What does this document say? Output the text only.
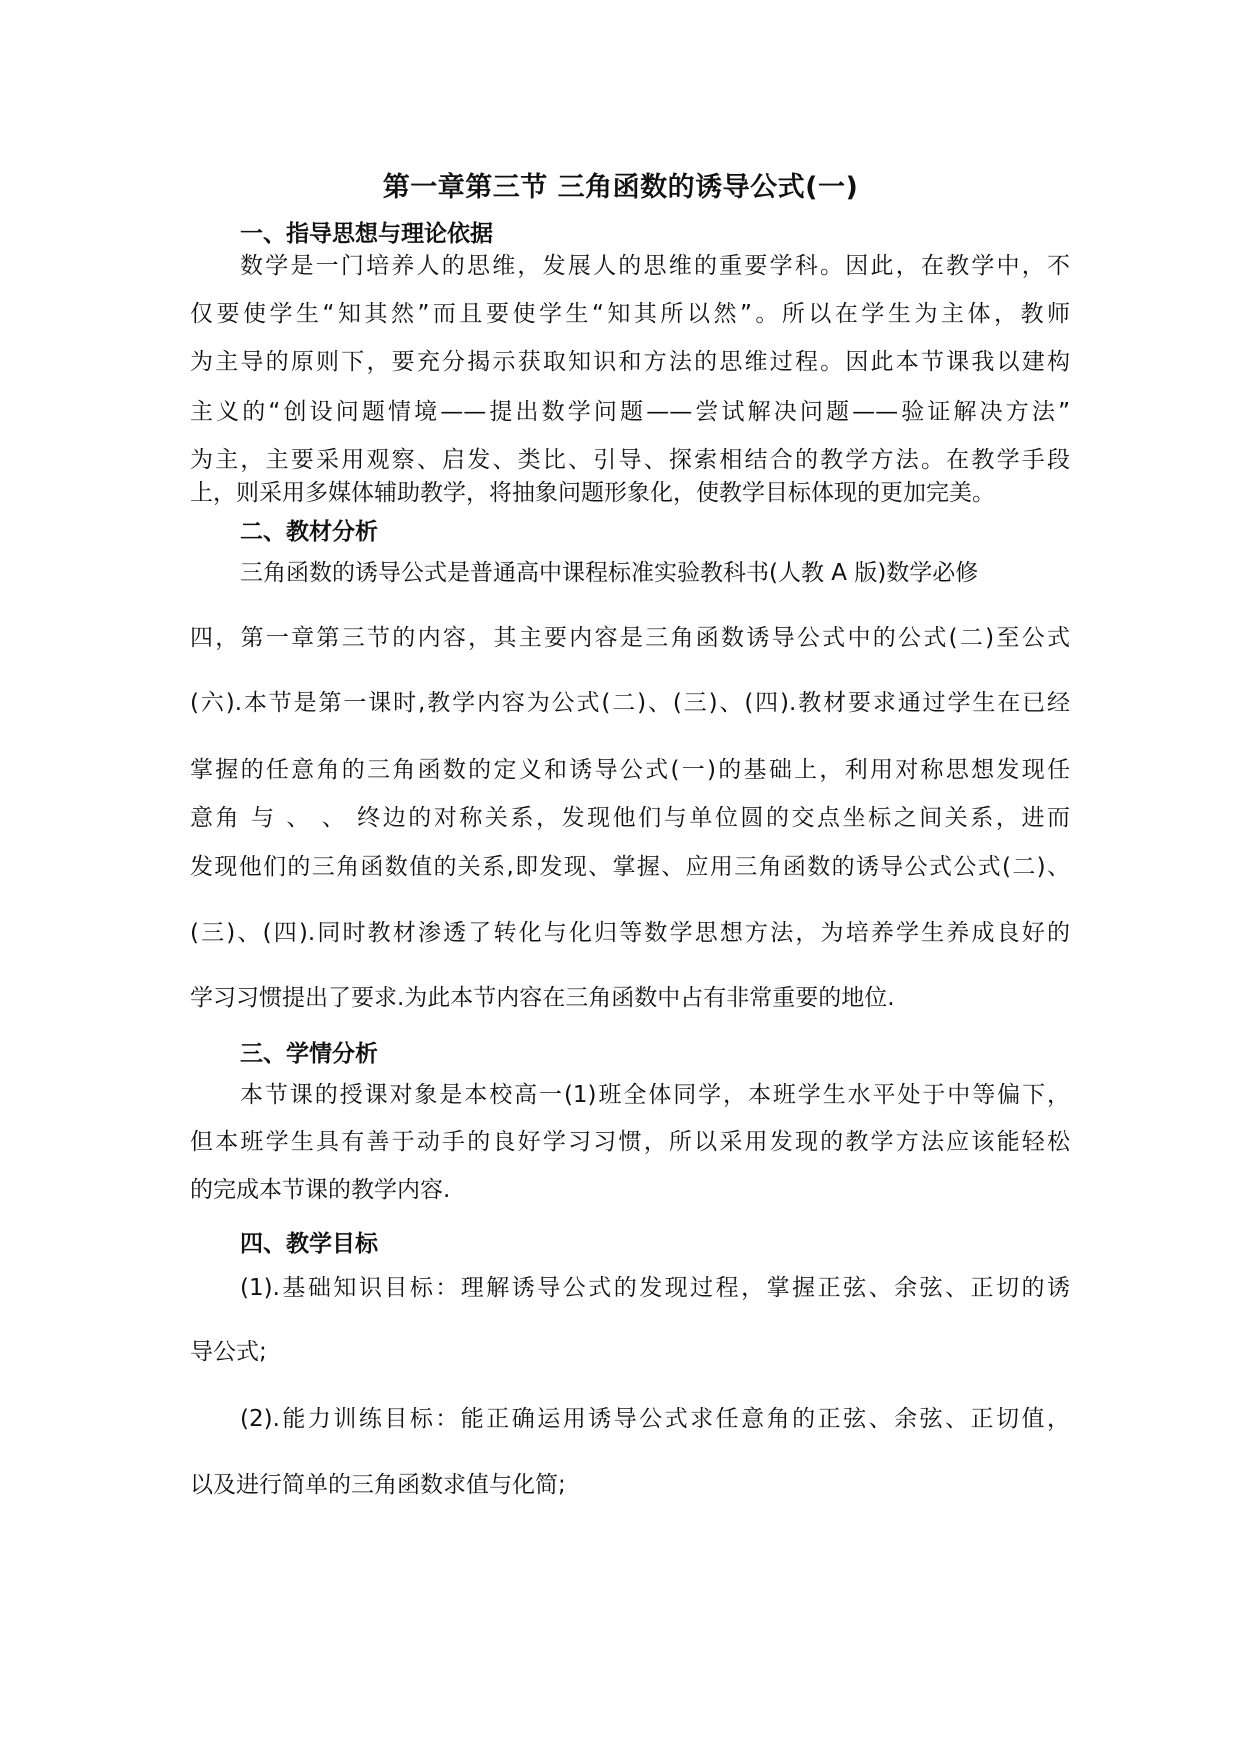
第一章第三节 三角函数的诱导公式(一)
一、指导思想与理论依据
数学是一门培养人的思维，发展人的思维的重要学科。因此，在教学中，不
仅要使学生“知其然”而且要使学生“知其所以然”。所以在学生为主体，教师
为主导的原则下，要充分揭示获取知识和方法的思维过程。因此本节课我以建构
主义的“创设问题情境——提出数学问题——尝试解决问题——验证解决方法”
为主，主要采用观察、启发、类比、引导、探索相结合的教学方法。在教学手段
上，则采用多媒体辅助教学，将抽象问题形象化，使教学目标体现的更加完美。
二、教材分析
三角函数的诱导公式是普通高中课程标准实验教科书(人教 A 版)数学必修
四，第一章第三节的内容，其主要内容是三角函数诱导公式中的公式(二)至公式
(六).本节是第一课时,教学内容为公式(二)、(三)、(四).教材要求通过学生在已经
掌握的任意角的三角函数的定义和诱导公式(一)的基础上，利用对称思想发现任
意角 与 、 、 终边的对称关系，发现他们与单位圆的交点坐标之间关系，进而
发现他们的三角函数值的关系,即发现、掌握、应用三角函数的诱导公式公式(二)、
(三)、(四).同时教材渗透了转化与化归等数学思想方法，为培养学生养成良好的
学习习惯提出了要求.为此本节内容在三角函数中占有非常重要的地位.
三、学情分析
本节课的授课对象是本校高一(1)班全体同学，本班学生水平处于中等偏下，
但本班学生具有善于动手的良好学习习惯，所以采用发现的教学方法应该能轻松
的完成本节课的教学内容.
四、教学目标
(1).基础知识目标：理解诱导公式的发现过程，掌握正弦、余弦、正切的诱
导公式;
(2).能力训练目标：能正确运用诱导公式求任意角的正弦、余弦、正切值，
以及进行简单的三角函数求值与化简;
